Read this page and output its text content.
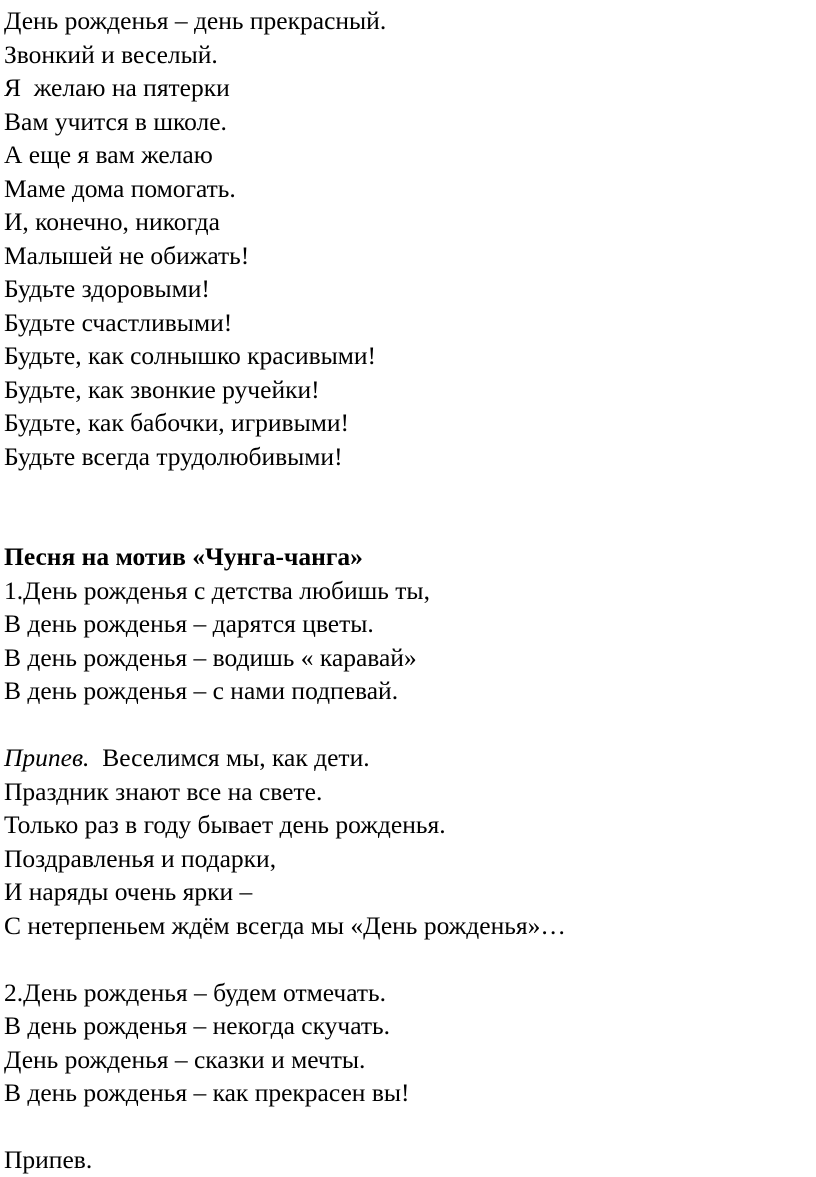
День рожденья – день прекрасный.
Звонкий и веселый.
Я  желаю на пятерки
Вам учится в школе.
А еще я вам желаю
Маме дома помогать.
И, конечно, никогда
Малышей не обижать!
Будьте здоровыми!
Будьте счастливыми!
Будьте, как солнышко красивыми!
Будьте, как звонкие ручейки!
Будьте, как бабочки, игривыми!
Будьте всегда трудолюбивыми!
Песня на мотив «Чунга-чанга»
1.День рожденья с детства любишь ты,
В день рожденья – дарятся цветы.
В день рожденья – водишь « каравай»
В день рожденья – с нами подпевай.
Припев.  Веселимся мы, как дети.
Праздник знают все на свете.
Только раз в году бывает день рожденья.
Поздравленья и подарки,
И наряды очень ярки –
С нетерпеньем ждём всегда мы «День рожденья»…
2.День рожденья – будем отмечать.
В день рожденья – некогда скучать.
День рожденья – сказки и мечты.
В день рожденья – как прекрасен вы!
Припев.
